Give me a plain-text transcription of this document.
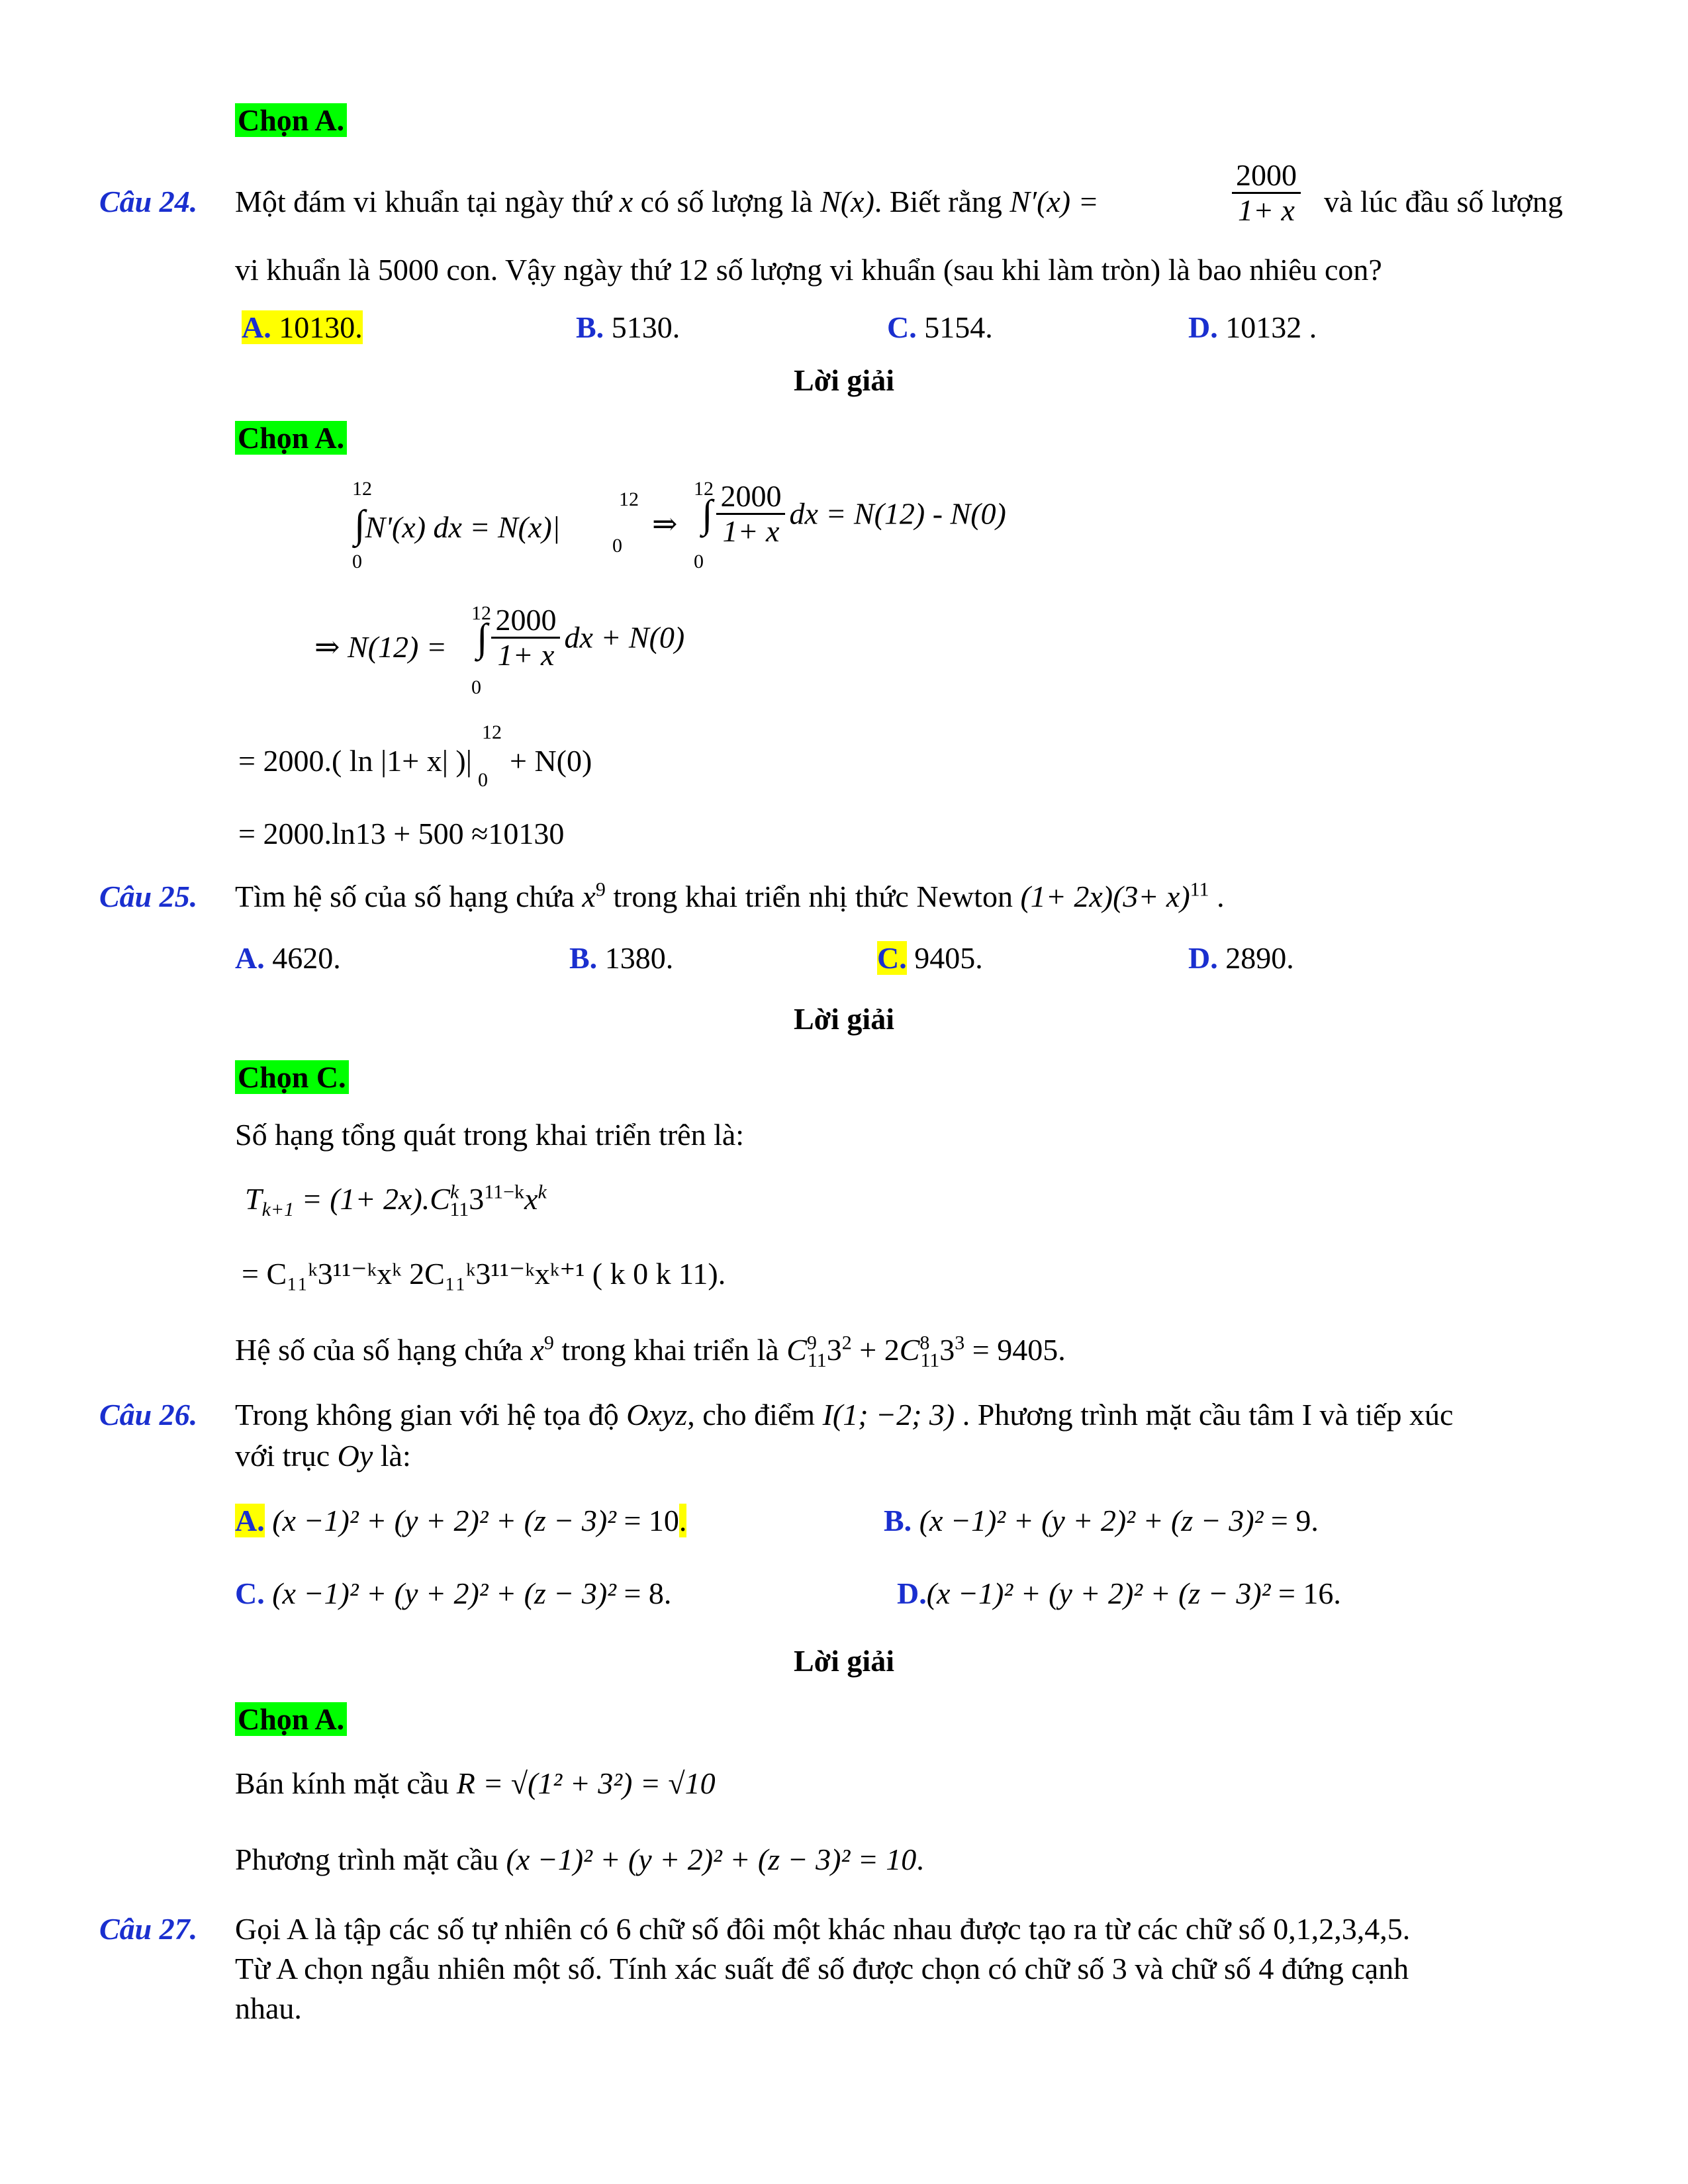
Chọn A.
Câu 24. Một đám vi khuẩn tại ngày thứ x có số lượng là N(x). Biết rằng N′(x) =	$\frac{2000}{1+ x}$ và lúc đầu số lượng
vi khuẩn là 5000 con. Vậy ngày thứ 12 số lượng vi khuẩn (sau khi làm tròn) là bao nhiêu con?
A. 10130.	B. 5130.	C. 5154.	D. 10132 .
Lời giải
Chọn A.
12
0
∫N'(x) dx = N(x)|
12
0
⇒
12
0
∫ $\frac{2000}{1+ x}$ dx = N(12) - N(0)
⇒ N(12) =
12
0
∫ $\frac{2000}{1+ x}$ dx + N(0)
= 2000.( ln |1+ x| )|
12
0
+ N(0)
= 2000.ln13 + 500 ≈10130
Câu 25. Tìm hệ số của số hạng chứa $x^9$ trong khai triển nhị thức Newton $(1+ 2x)(3+ x)^{11}$ .
A. 4620.	B. 1380.	C. 9405.	D. 2890.
Lời giải
Chọn C.
Số hạng tổng quát trong khai triển trên là:
$T_{k+1} = (1+ 2x).C^k_{11}3^{11-k}x^k$
= C₁₁ᵏ3¹¹⁻ᵏxᵏ 2C₁₁ᵏ3¹¹⁻ᵏxᵏ⁺¹ ( k 0 k 11).
Hệ số của số hạng chứa $x^9$ trong khai triển là $C^9_{11}3^2 + 2C^8_{11}3^3 = 9405$.
Câu 26. Trong không gian với hệ tọa độ Oxyz, cho điểm I(1; −2; 3) . Phương trình mặt cầu tâm I và tiếp xúc
với trục Oy là:
A. (x −1)² + (y + 2)² + (z − 3)² = 10.	B. (x −1)² + (y + 2)² + (z − 3)² = 9.
C. (x −1)² + (y + 2)² + (z − 3)² = 8.	D.(x −1)² + (y + 2)² + (z − 3)² = 16.
Lời giải
Chọn A.
Bán kính mặt cầu R = √(1² + 3²) = √10
Phương trình mặt cầu (x −1)² + (y + 2)² + (z − 3)² = 10.
Câu 27. Gọi A là tập các số tự nhiên có 6 chữ số đôi một khác nhau được tạo ra từ các chữ số 0,1,2,3,4,5.
Từ A chọn ngẫu nhiên một số. Tính xác suất để số được chọn có chữ số 3 và chữ số 4 đứng cạnh
nhau.
